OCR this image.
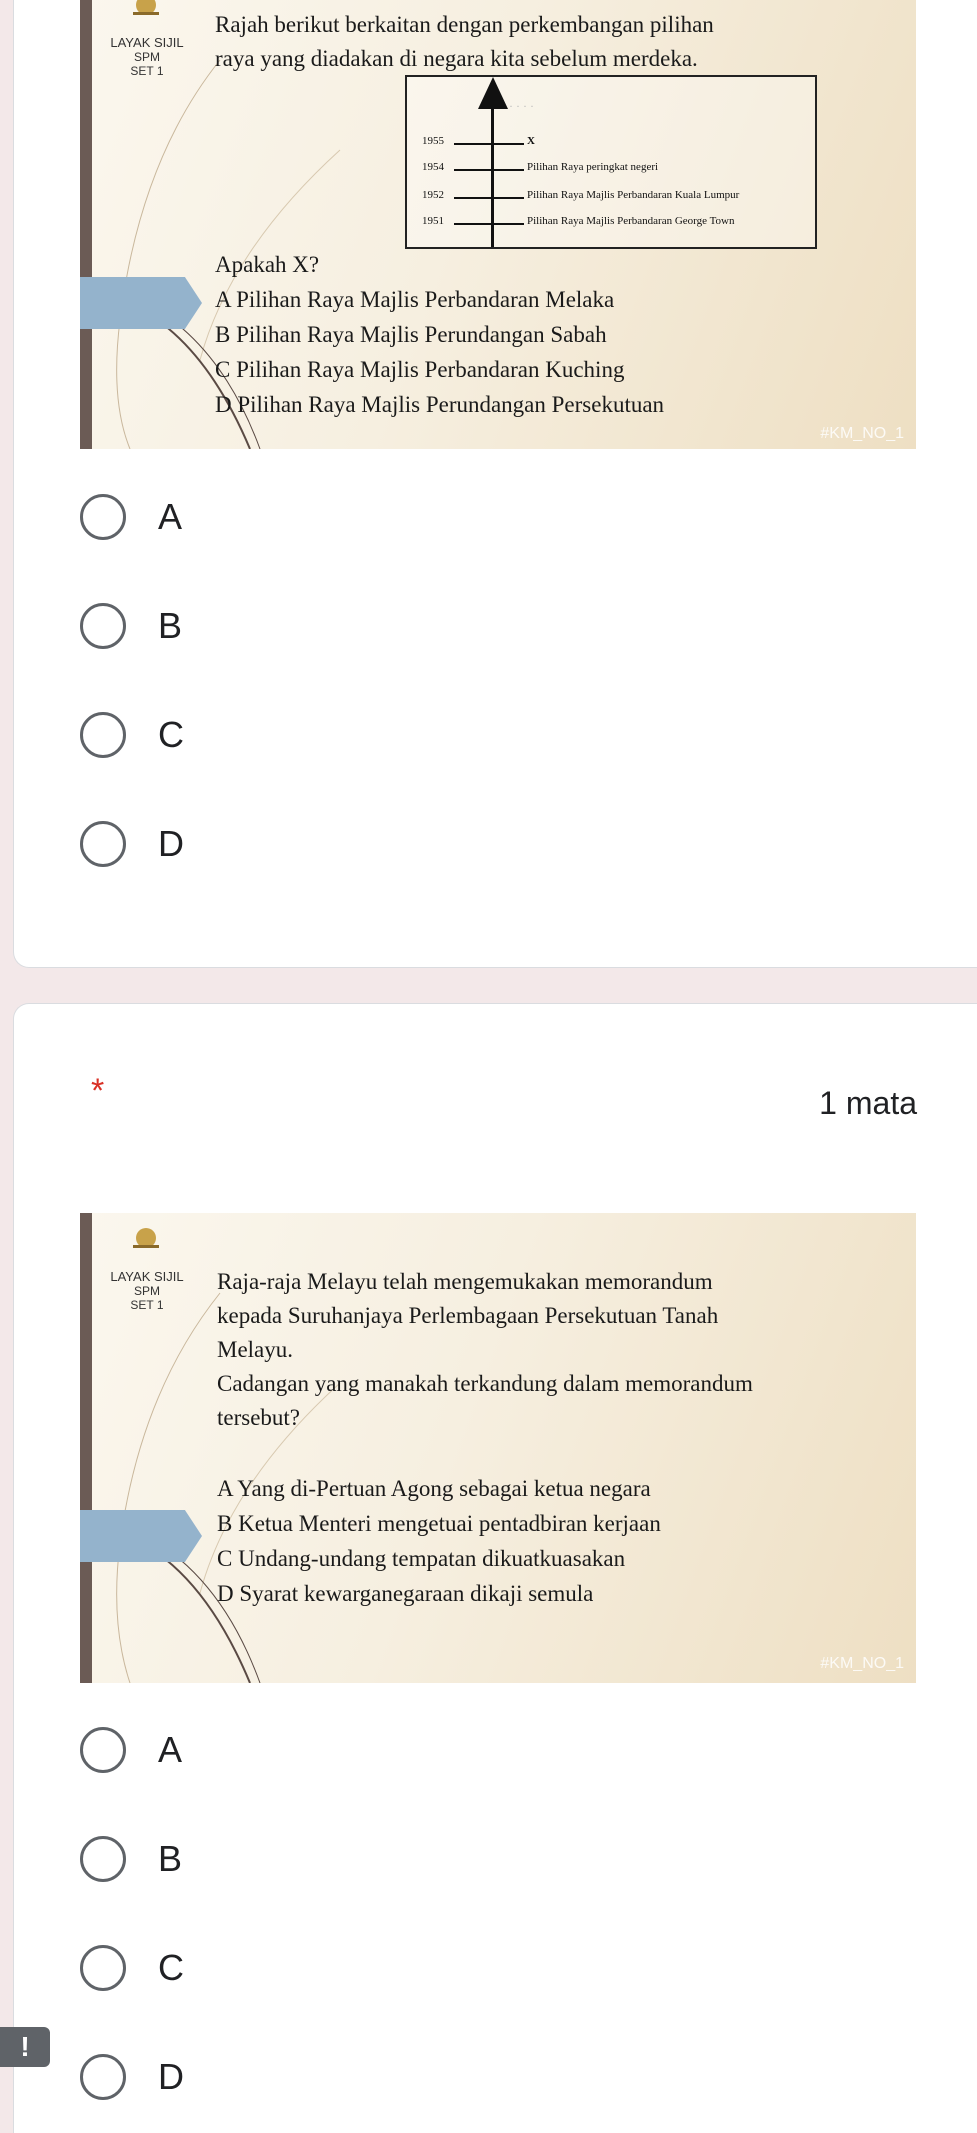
LAYAK SIJIL
SPM
SET 1

Rajah berikut berkaitan dengan perkembangan pilihan

raya yang diadakan di negara kita sebelum merdeka.

· · · · ·
1955	X
1954	Pilihan Raya peringkat negeri
1952	Pilihan Raya Majlis Perbandaran Kuala Lumpur
1951	Pilihan Raya Majlis Perbandaran George Town

Apakah X?

A Pilihan Raya Majlis Perbandaran Melaka

B Pilihan Raya Majlis Perundangan Sabah

C Pilihan Raya Majlis Perbandaran Kuching

D Pilihan Raya Majlis Perundangan Persekutuan

#KM_NO_1
A
B
C
D
*	1 mata
LAYAK SIJIL
SPM
SET 1

Raja-raja Melayu telah mengemukakan memorandum

kepada Suruhanjaya Perlembagaan Persekutuan Tanah

Melayu.

Cadangan yang manakah terkandung dalam memorandum

tersebut?

A Yang di-Pertuan Agong sebagai ketua negara

B Ketua Menteri mengetuai pentadbiran kerjaan

C Undang-undang tempatan dikuatkuasakan

D Syarat kewarganegaraan dikaji semula

#KM_NO_1
A
B
C
D
!
